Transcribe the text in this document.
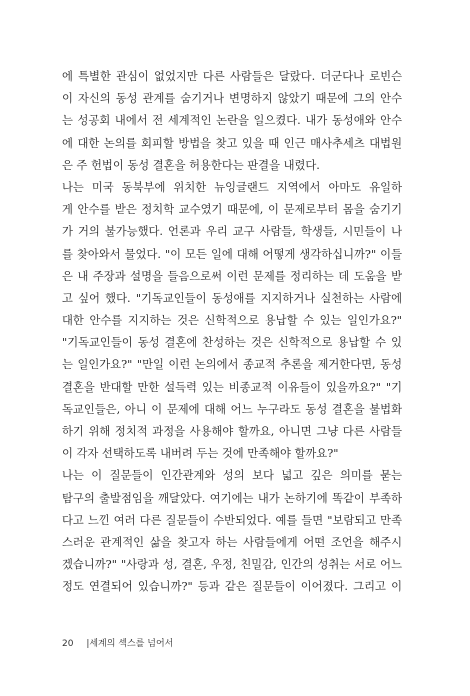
에 특별한 관심이 없었지만 다른 사람들은 달랐다. 더군다나 로빈슨
이 자신의 동성 관계를 숨기거나 변명하지 않았기 때문에 그의 안수
는 성공회 내에서 전 세계적인 논란을 일으켰다. 내가 동성애와 안수
에 대한 논의를 회피할 방법을 찾고 있을 때 인근 매사추세츠 대법원
은 주 헌법이 동성 결혼을 허용한다는 판결을 내렸다.
나는 미국 동북부에 위치한 뉴잉글랜드 지역에서 아마도 유일하
게 안수를 받은 정치학 교수였기 때문에, 이 문제로부터 몸을 숨기기
가 거의 불가능했다. 언론과 우리 교구 사람들, 학생들, 시민들이 나
를 찾아와서 물었다. "이 모든 일에 대해 어떻게 생각하십니까?" 이들
은 내 주장과 설명을 들음으로써 이런 문제를 정리하는 데 도움을 받
고 싶어 했다. "기독교인들이 동성애를 지지하거나 실천하는 사람에
대한 안수를 지지하는 것은 신학적으로 용납할 수 있는 일인가요?"
"기독교인들이 동성 결혼에 찬성하는 것은 신학적으로 용납할 수 있
는 일인가요?" "만일 이런 논의에서 종교적 추론을 제거한다면, 동성
결혼을 반대할 만한 설득력 있는 비종교적 이유들이 있을까요?" "기
독교인들은, 아니 이 문제에 대해 어느 누구라도 동성 결혼을 불법화
하기 위해 정치적 과정을 사용해야 할까요, 아니면 그냥 다른 사람들
이 각자 선택하도록 내버려 두는 것에 만족해야 할까요?"
나는 이 질문들이 인간관계와 성의 보다 넓고 깊은 의미를 묻는
탐구의 출발점임을 깨달았다. 여기에는 내가 논하기에 똑같이 부족하
다고 느낀 여러 다른 질문들이 수반되었다. 예를 들면 "보람되고 만족
스러운 관계적인 삶을 찾고자 하는 사람들에게 어떤 조언을 해주시
겠습니까?" "사랑과 성, 결혼, 우정, 친밀감, 인간의 성취는 서로 어느
정도 연결되어 있습니까?" 등과 같은 질문들이 이어졌다. 그리고 이
20 |세계의 섹스를 넘어서
